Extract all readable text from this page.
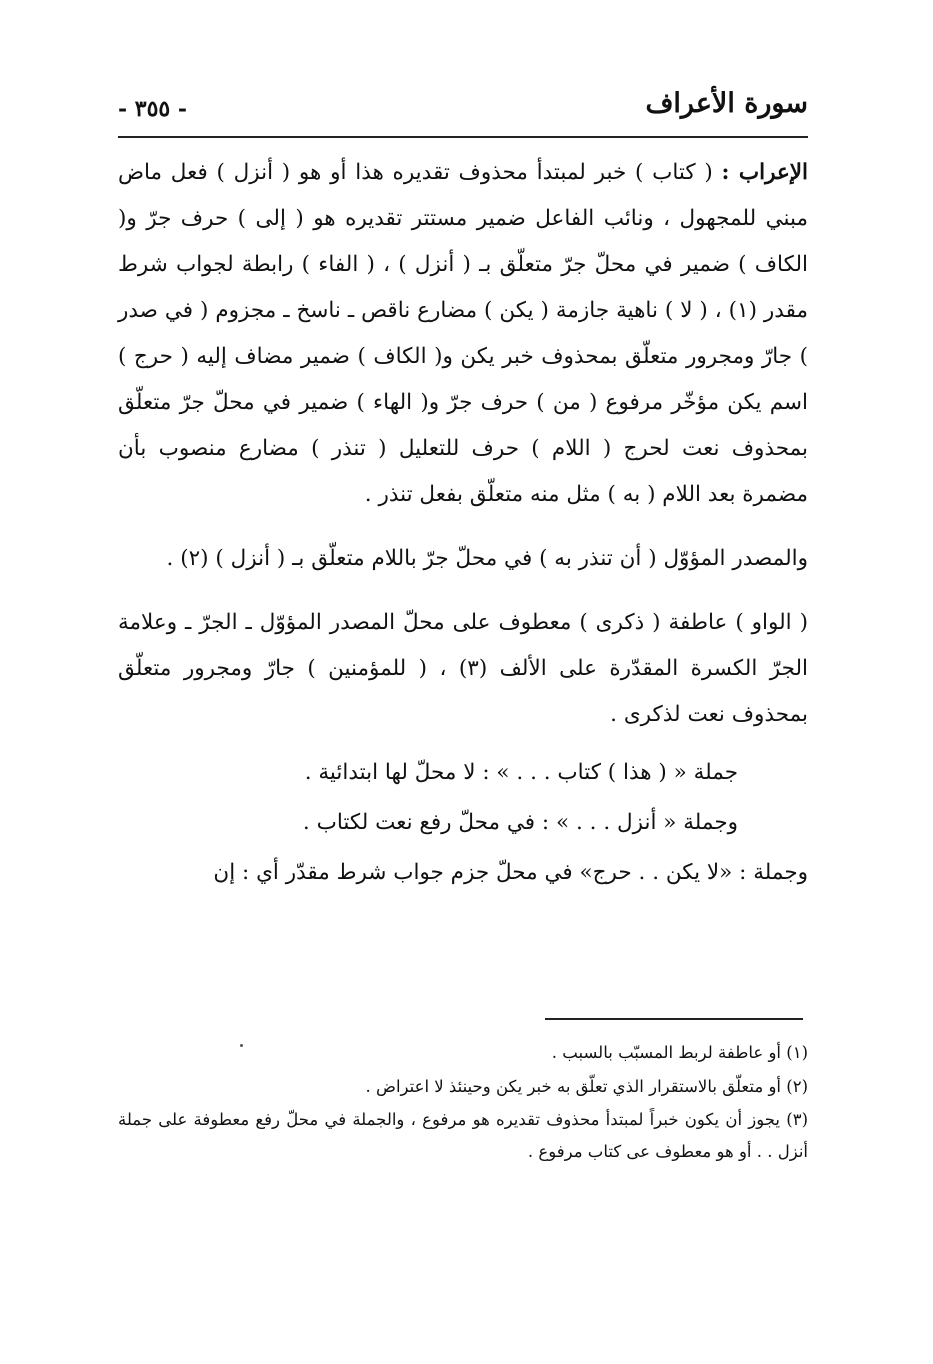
سورة الأعراف
- ٣٥٥ -

الإعراب : ( كتاب ) خبر لمبتدأ محذوف تقديره هذا أو هو ( أنزل ) فعل ماض مبني للمجهول ، ونائب الفاعل ضمير مستتر تقديره هو ( إلى ) حرف جرّ و( الكاف ) ضمير في محلّ جرّ متعلّق بـ ( أنزل ) ، ( الفاء ) رابطة لجواب شرط مقدر (١) ، ( لا ) ناهية جازمة ( يكن ) مضارع ناقص ـ ناسخ ـ مجزوم ( في صدر ) جارّ ومجرور متعلّق بمحذوف خبر يكن و( الكاف ) ضمير مضاف إليه ( حرج ) اسم يكن مؤخّر مرفوع ( من ) حرف جرّ و( الهاء ) ضمير في محلّ جرّ متعلّق بمحذوف نعت لحرج ( اللام ) حرف للتعليل ( تنذر ) مضارع منصوب بأن مضمرة بعد اللام ( به ) مثل منه متعلّق بفعل تنذر .

والمصدر المؤوّل ( أن تنذر به ) في محلّ جرّ باللام متعلّق بـ ( أنزل ) (٢) .

( الواو ) عاطفة ( ذكرى ) معطوف على محلّ المصدر المؤوّل ـ الجرّ ـ وعلامة الجرّ الكسرة المقدّرة على الألف (٣) ، ( للمؤمنين ) جارّ ومجرور متعلّق بمحذوف نعت لذكرى .

جملة « ( هذا ) كتاب . . . » : لا محلّ لها ابتدائية .
وجملة « أنزل . . . » : في محلّ رفع نعت لكتاب .
وجملة : «لا يكن . . حرج» في محلّ جزم جواب شرط مقدّر أي : إن

(١) أو عاطفة لربط المسبّب بالسبب .

(٢) أو متعلّق بالاستقرار الذي تعلّق به خبر يكن وحينئذ لا اعتراض .

(٣) يجوز أن يكون خبراً لمبتدأ محذوف تقديره هو مرفوع ، والجملة في محلّ رفع معطوفة على جملة أنزل . . أو هو معطوف عى كتاب مرفوع .
